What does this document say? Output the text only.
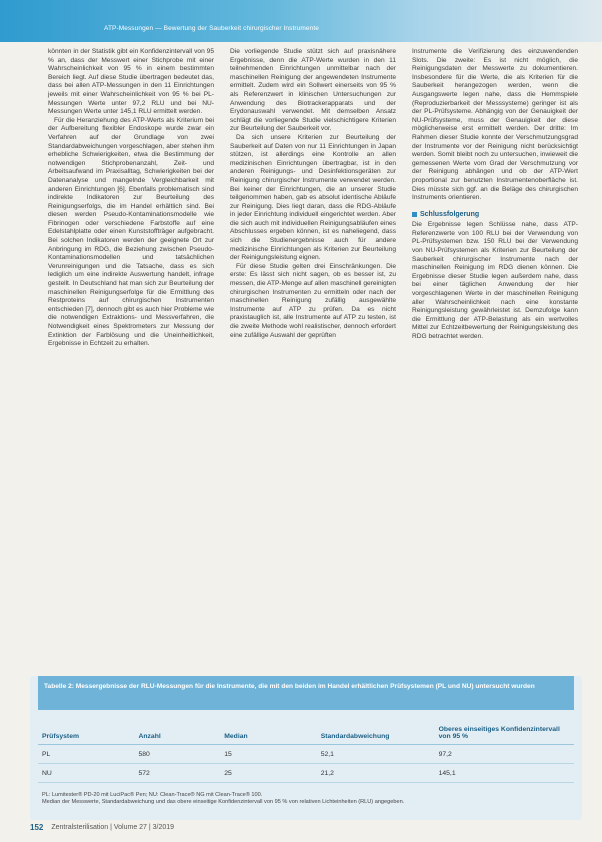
ATP-Messungen — Bewertung der Sauberkeit chirurgischer Instrumente

könnten in der Statistik gibt ein Konfidenzintervall von 95 % an, dass der Messwert einer Stichprobe mit einer Wahrscheinlichkeit von 95 % in einem bestimmten Bereich liegt. Auf diese Studie übertragen bedeutet das, dass bei allen ATP-Messungen in den 11 Einrichtungen jeweils mit einer Wahrscheinlichkeit von 95 % bei PL-Messungen Werte unter 97,2 RLU und bei NU-Messungen Werte unter 145,1 RLU ermittelt werden.

Für die Heranziehung des ATP-Werts als Kriterium bei der Aufbereitung flexibler Endoskope wurde zwar ein Verfahren auf der Grundlage von zwei Standardabweichungen vorgeschlagen, aber stehen ihm erhebliche Schwierigkeiten, etwa die Bestimmung der notwendigen Stichprobenanzahl, Zeit- und Arbeitsaufwand im Praxisalltag, Schwierigkeiten bei der Datenanalyse und mangelnde Vergleichbarkeit mit anderen Einrichtungen [6]. Ebenfalls problematisch sind indirekte Indikatoren zur Beurteilung des Reinigungserfolgs, die im Handel erhältlich sind. Bei diesen werden Pseudo-Kontaminationsmodelle wie Fibrinogen oder verschiedene Farbstoffe auf eine Edelstahlplatte oder einen Kunststoffträger aufgebracht. Bei solchen Indikatoren werden der geeignete Ort zur Anbringung im RDG, die Beziehung zwischen Pseudo-Kontaminationsmodellen und tatsächlichen Verunreinigungen und die Tatsache, dass es sich lediglich um eine indirekte Auswertung handelt, infrage gestellt. In Deutschland hat man sich zur Beurteilung der maschinellen Reinigungserfolge für die Ermittlung des Restproteins auf chirurgischen Instrumenten entschieden [7], dennoch gibt es auch hier Probleme wie die notwendigen Extraktions- und Messverfahren, die Notwendigkeit eines Spektrometers zur Messung der Extinktion der Farblösung und die Uneinheitlichkeit, Ergebnisse in Echtzeit zu erhalten.

Die vorliegende Studie stützt sich auf praxisnähere Ergebnisse, denn die ATP-Werte wurden in den 11 teilnehmenden Einrichtungen unmittelbar nach der maschinellen Reinigung der angewendeten Instrumente ermittelt. Zudem wird ein Sollwert einerseits von 95 % als Referenzwert in klinischen Untersuchungen zur Anwendung des Biotrackerapparats und der Erydonauswahl verwendet. Mit demselben Ansatz schlägt die vorliegende Studie vielschichtigere Kriterien zur Beurteilung der Sauberkeit vor.

Da sich unsere Kriterien zur Beurteilung der Sauberkeit auf Daten von nur 11 Einrichtungen in Japan stützen, ist allerdings eine Kontrolle an allen medizinischen Einrichtungen übertragbar, ist in den anderen Reinigungs- und Desinfektionsgeräten zur Reinigung chirurgischer Instrumente verwendet werden. Bei keiner der Einrichtungen, die an unserer Studie teilgenommen haben, gab es absolut identische Abläufe zur Reinigung. Dies liegt daran, dass die RDG-Abläufe in jeder Einrichtung individuell eingerichtet werden. Aber die sich auch mit individuellen Reinigungsabläufen eines Abschlusses ergeben können, ist es naheliegend, dass sich die Studienergebnisse auch für andere medizinische Einrichtungen als Kriterien zur Beurteilung der Reinigungsleistung eignen.

Für diese Studie gelten drei Einschränkungen. Die erste: Es lässt sich nicht sagen, ob es besser ist, zu messen, die ATP-Menge auf allen maschinell gereinigten chirurgischen Instrumenten zu ermitteln oder nach der maschinellen Reinigung zufällig ausgewählte Instrumente auf ATP zu prüfen. Da es nicht praxistauglich ist, alle Instrumente auf ATP zu testen, ist die zweite Methode wohl realistischer, dennoch erfordert eine zufällige Auswahl der geprüften

Instrumente die Verifizierung des einzuwendenden Slots. Die zweite: Es ist nicht möglich, die Reinigungsdaten der Messwerte zu dokumentieren. Insbesondere für die Werte, die als Kriterien für die Sauberkeit herangezogen werden, wenn die Ausgangswerte legen nahe, dass die Hemmspiele (Reproduzierbarkeit der Messsysteme) geringer ist als der PL-Prüfsysteme. Abhängig von der Genauigkeit der NU-Prüfsysteme, muss der Genauigkeit der diese möglicherweise erst ermittelt werden. Der dritte: Im Rahmen dieser Studie konnte der Verschmutzungsgrad der Instrumente vor der Reinigung nicht berücksichtigt werden. Somit bleibt noch zu untersuchen, inwieweit die gemessenen Werte vom Grad der Verschmutzung vor der Reinigung abhängen und ob der ATP-Wert proportional zur benutzten Instrumentenoberfläche ist. Dies müsste sich ggf. an die Beläge des chirurgischen Instruments orientieren.

Schlussfolgerung

Die Ergebnisse legen Schlüsse nahe, dass ATP-Referenzwerte von 100 RLU bei der Verwendung von PL-Prüfsystemen bzw. 150 RLU bei der Verwendung von NU-Prüfsystemen als Kriterien zur Beurteilung der Sauberkeit chirurgischer Instrumente nach der maschinellen Reinigung im RDG dienen können. Die Ergebnisse dieser Studie legen außerdem nahe, dass bei einer täglichen Anwendung der hier vorgeschlagenen Werte in der maschinellen Reinigung aller Wahrscheinlichkeit nach eine konstante Reinigungsleistung gewährleistet ist. Demzufolge kann die Ermittlung der ATP-Belastung als ein wertvolles Mittel zur Echtzeitbewertung der Reinigungsleistung des RDG betrachtet werden.

Tabelle 2: Messergebnisse der RLU-Messungen für die Instrumente, die mit den beiden im Handel erhältlichen Prüfsystemen (PL und NU) untersucht wurden
Prüfsystem	Anzahl	Median	Standardabweichung	Oberes einseitiges Konfidenzintervall von 95 %
PL	580	15	52,1	97,2
NU	572	25	21,2	145,1
PL: Lumitester® PD-20 mit LuciPac® Pen; NU: Clean-Trace® NG mit Clean-Trace® 100.
Median der Messwerte, Standardabweichung und das obere einseitige Konfidenzintervall von 95 % von relativen Lichteinheiten (RLU) angegeben.
152 Zentralsterilisation | Volume 27 | 3/2019
